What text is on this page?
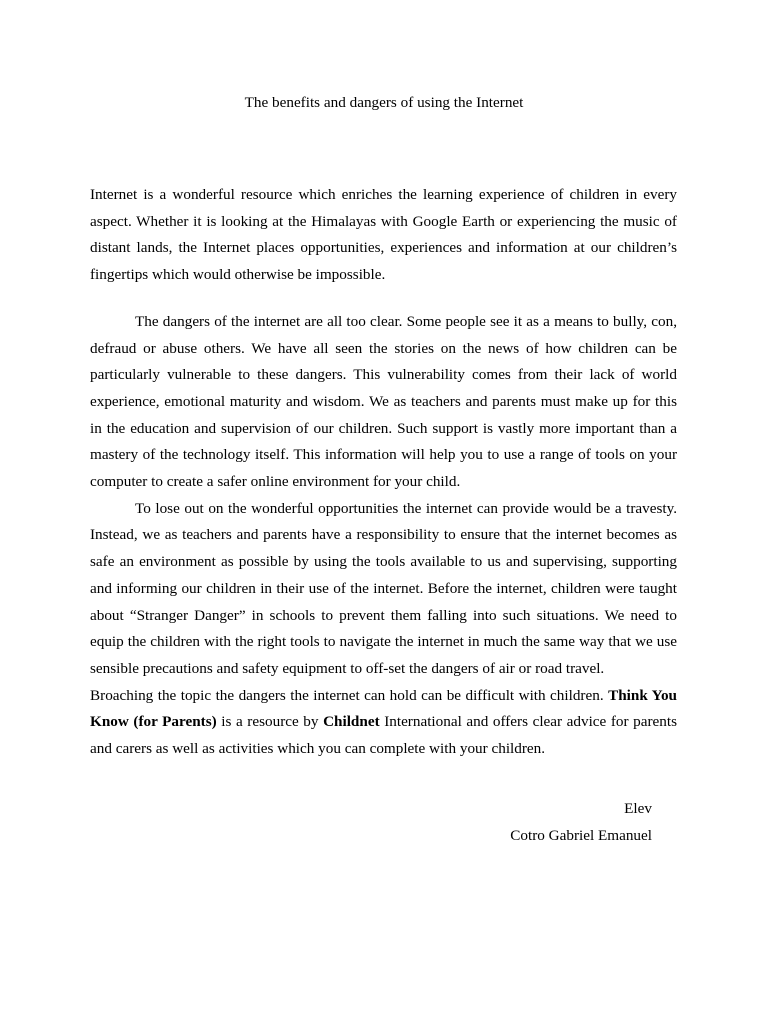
The benefits and dangers of using the Internet

Internet is a wonderful resource which enriches the learning experience of children in every aspect. Whether it is looking at the Himalayas with Google Earth or experiencing the music of distant lands, the Internet places opportunities, experiences and information at our children’s fingertips which would otherwise be impossible.

The dangers of the internet are all too clear. Some people see it as a means to bully, con, defraud or abuse others. We have all seen the stories on the news of how children can be particularly vulnerable to these dangers. This vulnerability comes from their lack of world experience, emotional maturity and wisdom. We as teachers and parents must make up for this in the education and supervision of our children. Such support is vastly more important than a mastery of the technology itself. This information will help you to use a range of tools on your computer to create a safer online environment for your child.

To lose out on the wonderful opportunities the internet can provide would be a travesty. Instead, we as teachers and parents have a responsibility to ensure that the internet becomes as safe an environment as possible by using the tools available to us and supervising, supporting and informing our children in their use of the internet. Before the internet, children were taught about “Stranger Danger” in schools to prevent them falling into such situations. We need to equip the children with the right tools to navigate the internet in much the same way that we use sensible precautions and safety equipment to off-set the dangers of air or road travel.

Broaching the topic the dangers the internet can hold can be difficult with children. Think You Know (for Parents) is a resource by Childnet International and offers clear advice for parents and carers as well as activities which you can complete with your children.

Elev
Cotro Gabriel Emanuel
